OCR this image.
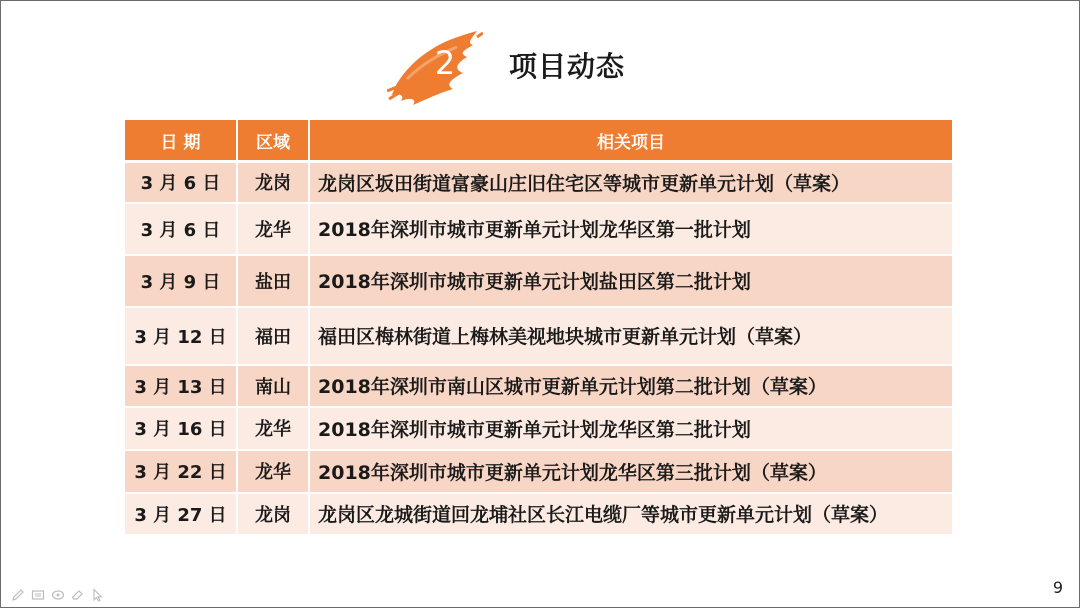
2	项目动态
日 期	区域	相关项目
3 月 6 日	龙岗	龙岗区坂田街道富豪山庄旧住宅区等城市更新单元计划（草案）
3 月 6 日	龙华	2018年深圳市城市更新单元计划龙华区第一批计划
3 月 9 日	盐田	2018年深圳市城市更新单元计划盐田区第二批计划
3 月 12 日	福田	福田区梅林街道上梅林美视地块城市更新单元计划（草案）
3 月 13 日	南山	2018年深圳市南山区城市更新单元计划第二批计划（草案）
3 月 16 日	龙华	2018年深圳市城市更新单元计划龙华区第二批计划
3 月 22 日	龙华	2018年深圳市城市更新单元计划龙华区第三批计划（草案）
3 月 27 日	龙岗	龙岗区龙城街道回龙埔社区长江电缆厂等城市更新单元计划（草案）
9
